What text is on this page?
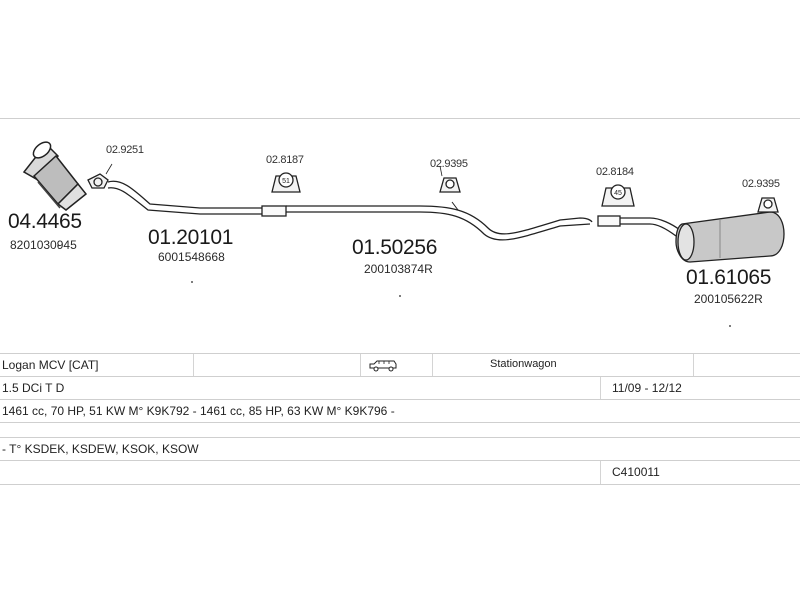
51
45
04.4465
8201030945	01.20101
6001548668	01.50256
200103874R	01.61065
200105622R
02.9251
02.8187	02.9395
02.8184
02.9395
Logan MCV [CAT]	Stationwagon
1.5 DCi T D	11/09 - 12/12
1461 cc, 70 HP, 51 KW M° K9K792 - 1461 cc, 85 HP, 63 KW M° K9K796 -
- T° KSDEK, KSDEW, KSOK, KSOW
C410011
